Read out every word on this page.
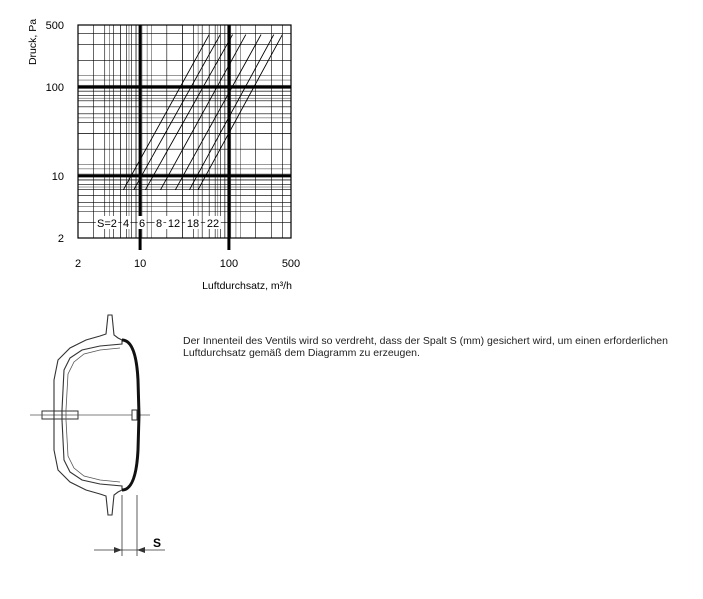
2	10	100	500
2
10
100
500
S=2 4 6 8 12 18 22
Druck, Pa
Luftdurchsatz, m³/h
S
Der Innenteil des Ventils wird so verdreht, dass der Spalt S (mm) gesichert wird, um einen erforderlichen
Luftdurchsatz gemäß dem Diagramm zu erzeugen.
